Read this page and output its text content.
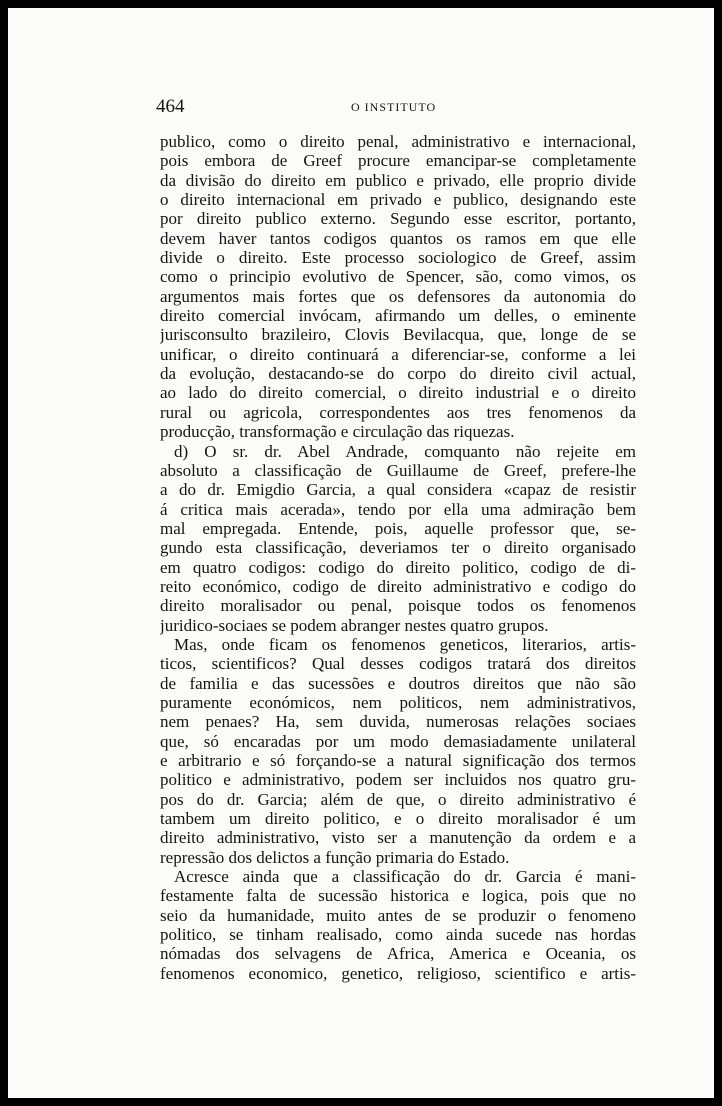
464	O INSTITUTO
publico, como o direito penal, administrativo e internacional,
pois embora de Greef procure emancipar-se completamente
da divisão do direito em publico e privado, elle proprio divide
o direito internacional em privado e publico, designando este
por direito publico externo. Segundo esse escritor, portanto,
devem haver tantos codigos quantos os ramos em que elle
divide o direito. Este processo sociologico de Greef, assim
como o principio evolutivo de Spencer, são, como vimos, os
argumentos mais fortes que os defensores da autonomia do
direito comercial invócam, afirmando um delles, o eminente
jurisconsulto brazileiro, Clovis Bevilacqua, que, longe de se
unificar, o direito continuará a diferenciar-se, conforme a lei
da evolução, destacando-se do corpo do direito civil actual,
ao lado do direito comercial, o direito industrial e o direito
rural ou agricola, correspondentes aos tres fenomenos da
producção, transformação e circulação das riquezas.
d) O sr. dr. Abel Andrade, comquanto não rejeite em
absoluto a classificação de Guillaume de Greef, prefere-lhe
a do dr. Emigdio Garcia, a qual considera «capaz de resistir
á critica mais acerada», tendo por ella uma admiração bem
mal empregada. Entende, pois, aquelle professor que, se-
gundo esta classificação, deveriamos ter o direito organisado
em quatro codigos: codigo do direito politico, codigo de di-
reito económico, codigo de direito administrativo e codigo do
direito moralisador ou penal, poisque todos os fenomenos
juridico-sociaes se podem abranger nestes quatro grupos.
Mas, onde ficam os fenomenos geneticos, literarios, artis-
ticos, scientificos? Qual desses codigos tratará dos direitos
de familia e das sucessões e doutros direitos que não são
puramente económicos, nem politicos, nem administrativos,
nem penaes? Ha, sem duvida, numerosas relações sociaes
que, só encaradas por um modo demasiadamente unilateral
e arbitrario e só forçando-se a natural significação dos termos
politico e administrativo, podem ser incluidos nos quatro gru-
pos do dr. Garcia; além de que, o direito administrativo é
tambem um direito politico, e o direito moralisador é um
direito administrativo, visto ser a manutenção da ordem e a
repressão dos delictos a função primaria do Estado.
Acresce ainda que a classificação do dr. Garcia é mani-
festamente falta de sucessão historica e logica, pois que no
seio da humanidade, muito antes de se produzir o fenomeno
politico, se tinham realisado, como ainda sucede nas hordas
nómadas dos selvagens de Africa, America e Oceania, os
fenomenos economico, genetico, religioso, scientifico e artis-
